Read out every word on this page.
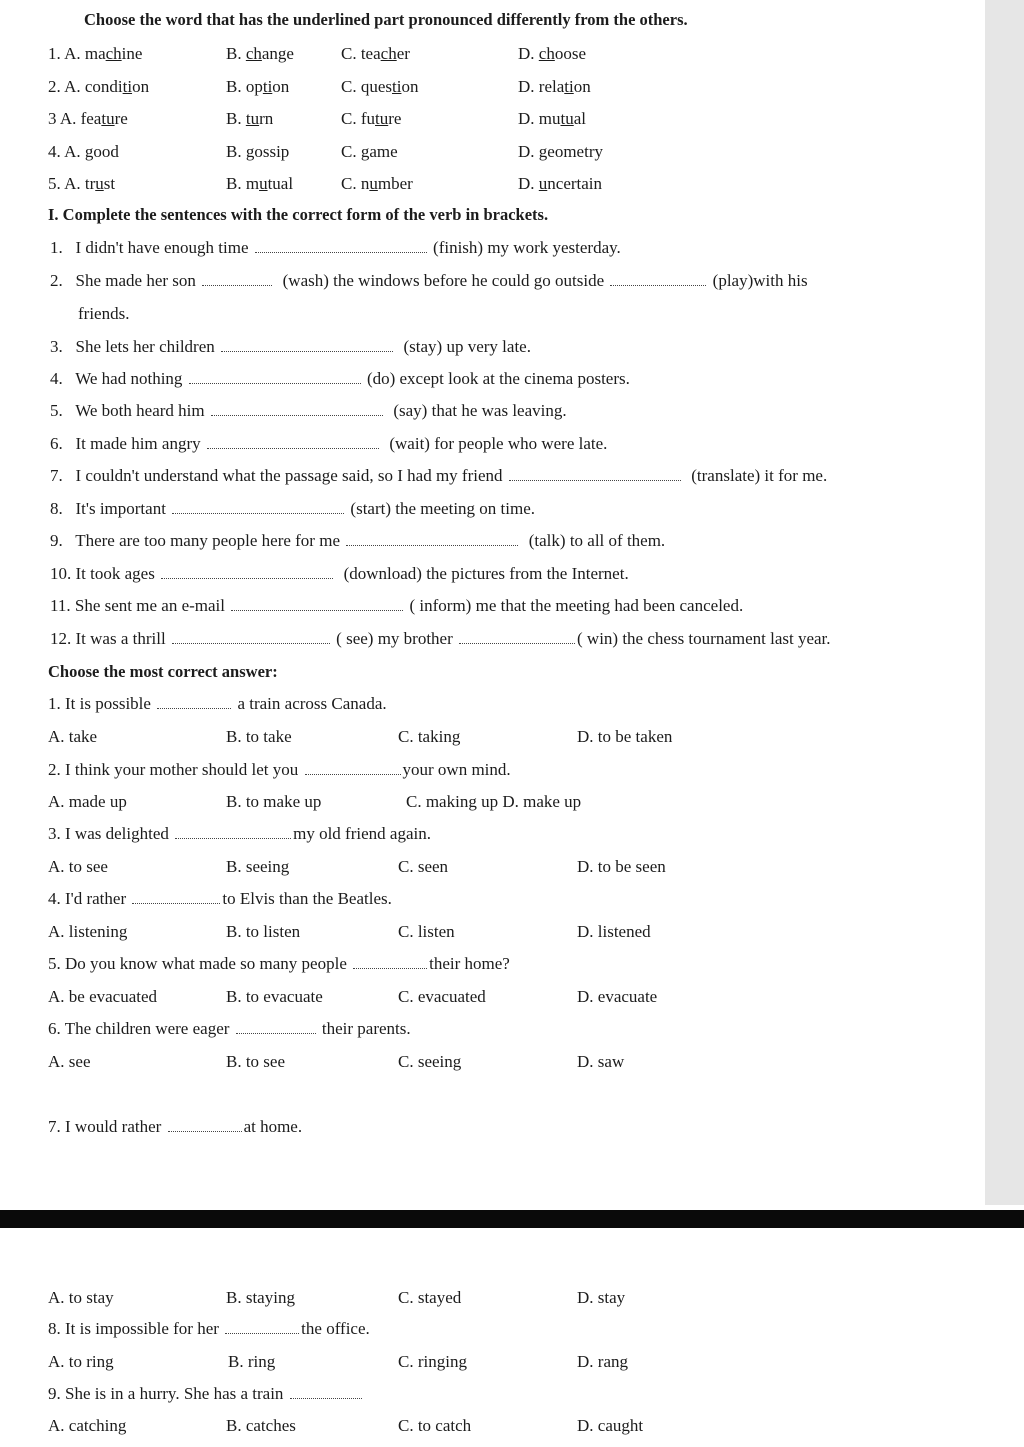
Choose the word that has the underlined part pronounced differently from the others.
1. A. machine	B. change	C. teacher	D. choose
2. A. condition	B. option	C. question	D. relation
3 A. feature	B. turn	C. future	D. mutual
4. A. good	B. gossip	C. game	D. geometry
5. A. trust	B. mutual	C. number	D. uncertain
I. Complete the sentences with the correct form of the verb in brackets.
1. I didn't have enough time	(finish) my work yesterday.
2. She made her son	(wash) the windows before he could go outside	(play)with his
friends.
3. She lets her children	(stay) up very late.
4. We had nothing	(do) except look at the cinema posters.
5. We both heard him	(say) that he was leaving.
6. It made him angry	(wait) for people who were late.
7. I couldn't understand what the passage said, so I had my friend	(translate) it for me.
8. It's important	(start) the meeting on time.
9. There are too many people here for me	(talk) to all of them.
10. It took ages	(download) the pictures from the Internet.
11. She sent me an e-mail	( inform) me that the meeting had been canceled.
12. It was a thrill	( see) my brother	( win) the chess tournament last year.
Choose the most correct answer:
1. It is possible	a train across Canada.
A. take	B. to take	C. taking	D. to be taken
2. I think your mother should let you	your own mind.
A. made up	B. to make up	C. making up D. make up
3. I was delighted	my old friend again.
A. to see	B. seeing	C. seen	D. to be seen
4. I'd rather	to Elvis than the Beatles.
A. listening	B. to listen	C. listen	D. listened
5. Do you know what made so many people	their home?
A. be evacuated	B. to evacuate	C. evacuated	D. evacuate
6. The children were eager	their parents.
A. see	B. to see	C. seeing	D. saw
7. I would rather	at home.
A. to stay	B. staying	C. stayed	D. stay
8. It is impossible for her	the office.
A. to ring	B. ring	C. ringing	D. rang
9. She is in a hurry. She has a train
A. catching	B. catches	C. to catch	D. caught
